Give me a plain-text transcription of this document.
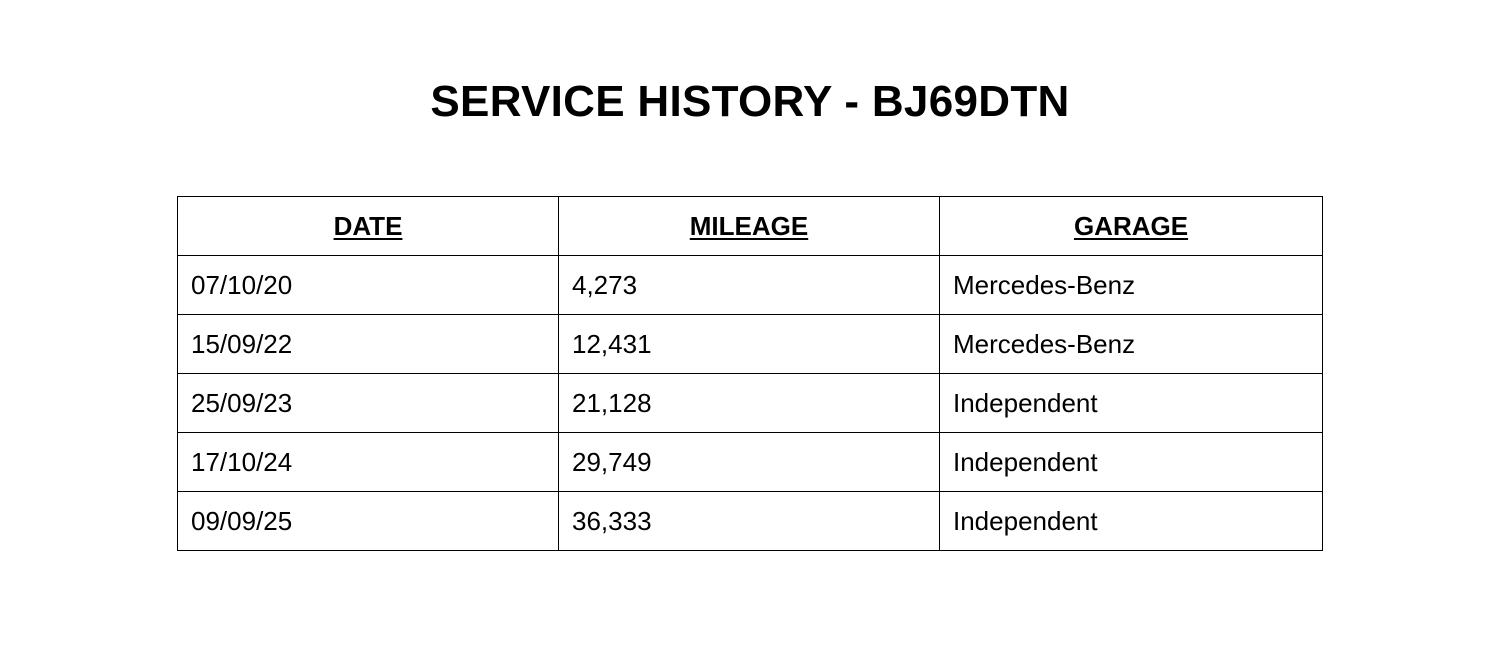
SERVICE HISTORY - BJ69DTN
DATE	MILEAGE	GARAGE
07/10/20	4,273	Mercedes-Benz
15/09/22	12,431	Mercedes-Benz
25/09/23	21,128	Independent
17/10/24	29,749	Independent
09/09/25	36,333	Independent
